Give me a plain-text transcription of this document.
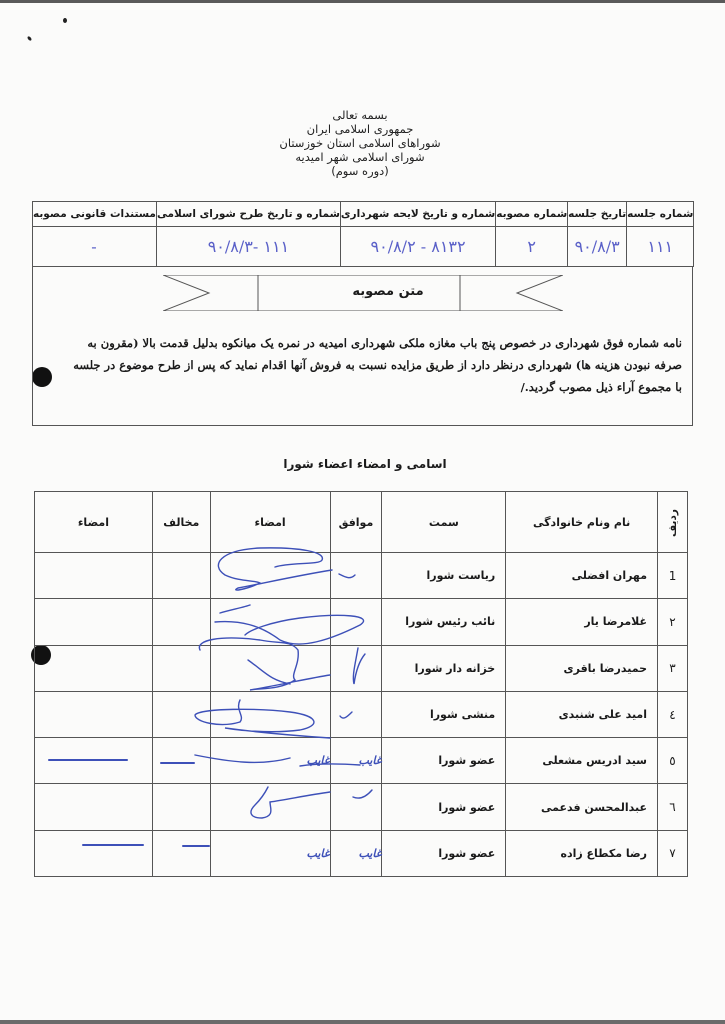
بسمه تعالی
جمهوری اسلامی ایران
شوراهای اسلامی استان خوزستان
شورای اسلامی شهر امیدیه
(دوره سوم)
شماره جلسه	تاریخ جلسه	شماره مصوبه	شماره و تاریخ لایحه شهرداری	شماره و تاریخ طرح شورای اسلامی	مستندات قانونی مصوبه
۱۱۱	۹۰/۸/۳	۲	۸۱۳۲ - ۹۰/۸/۲	۱۱۱ -۹۰/۸/۳	-
متن مصوبه
نامه شماره فوق شهرداری در خصوص پنج باب مغازه ملکی شهرداری امیدیه در نمره یک میانکوه بدلیل قدمت بالا (مقرون به
صرفه نبودن هزینه ها) شهرداری درنظر دارد از طریق مزایده نسبت به فروش آنها اقدام نماید که پس از طرح موضوع در جلسه
با مجموع آراء ذیل مصوب گردید./
اسامی و امضاء اعضاء شورا
ردیف	نام ونام خانوادگی	سمت	موافق	امضاء	مخالف	امضاء
1	مهران افضلی	ریاست شورا				
۲	غلامرضا یار	نائب رئیس شورا				
۳	حمیدرضا باقری	خزانه دار شورا				
٤	امید علی شنبدی	منشی شورا				
٥	سید ادریس مشعلی	عضو شورا	غایب	غایب		
٦	عبدالمحسن فدعمی	عضو شورا				
۷	رضا مکطاع زاده	عضو شورا	غایب	غایب		
